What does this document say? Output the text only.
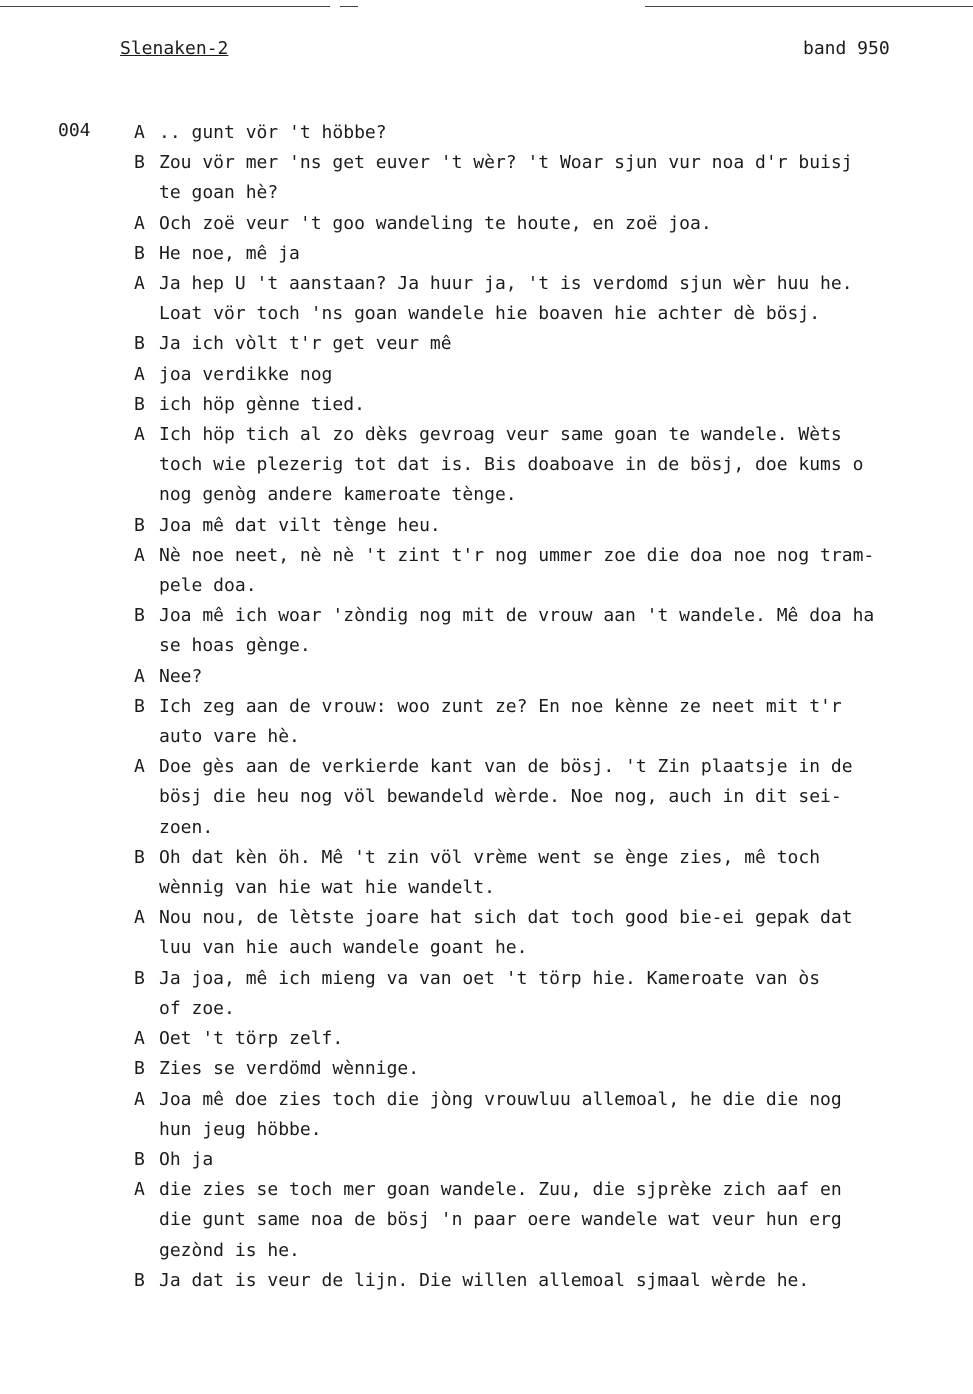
Slenaken-2	band 950
004 A .. gunt vör 't höbbe?
B Zou vör mer 'ns get euver 't wèr? 't Woar sjun vur noa d'r buisj
te goan hè?
A Och zoë veur 't goo wandeling te houte, en zoë joa.
B He noe, mê ja
A Ja hep U 't aanstaan? Ja huur ja, 't is verdomd sjun wèr huu he.
Loat vör toch 'ns goan wandele hie boaven hie achter dè bösj.
B Ja ich vòlt t'r get veur mê
A joa verdikke nog
B ich höp gènne tied.
A Ich höp tich al zo dèks gevroag veur same goan te wandele. Wèts
toch wie plezerig tot dat is. Bis doaboave in de bösj, doe kums o
nog genòg andere kameroate tènge.
B Joa mê dat vilt tènge heu.
A Nè noe neet, nè nè 't zint t'r nog ummer zoe die doa noe nog tram-
pele doa.
B Joa mê ich woar 'zòndig nog mit de vrouw aan 't wandele. Mê doa ha
se hoas gènge.
A Nee?
B Ich zeg aan de vrouw: woo zunt ze? En noe kènne ze neet mit t'r
auto vare hè.
A Doe gès aan de verkierde kant van de bösj. 't Zin plaatsje in de
bösj die heu nog völ bewandeld wèrde. Noe nog, auch in dit sei-
zoen.
B Oh dat kèn öh. Mê 't zin völ vrème went se ènge zies, mê toch
wènnig van hie wat hie wandelt.
A Nou nou, de lètste joare hat sich dat toch good bie-ei gepak dat
luu van hie auch wandele goant he.
B Ja joa, mê ich mieng va van oet 't törp hie. Kameroate van òs
of zoe.
A Oet 't törp zelf.
B Zies se verdömd wènnige.
A Joa mê doe zies toch die jòng vrouwluu allemoal, he die die nog
hun jeug höbbe.
B Oh ja
A die zies se toch mer goan wandele. Zuu, die sjprèke zich aaf en
die gunt same noa de bösj 'n paar oere wandele wat veur hun erg
gezònd is he.
B Ja dat is veur de lijn. Die willen allemoal sjmaal wèrde he.
